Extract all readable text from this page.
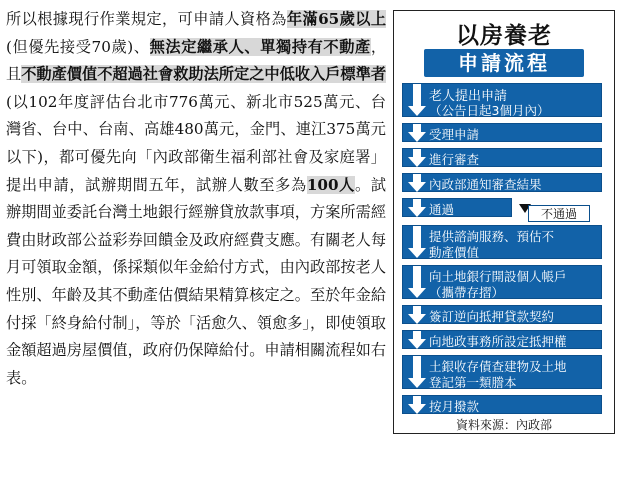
所以根據現行作業規定，可申請人資格為年滿65歲以上(但優先接受70歲)、無法定繼承人、單獨持有不動產，且不動產價值不超過社會救助法所定之中低收入戶標準者(以102年度評估台北市776萬元、新北市525萬元、台灣省、台中、台南、高雄480萬元，金門、連江375萬元以下)，都可優先向「內政部衛生福利部社會及家庭署」提出申請，試辦期間五年，試辦人數至多為100人。試辦期間並委託台灣土地銀行經辦貸放款事項，方案所需經費由財政部公益彩券回饋金及政府經費支應。有關老人每月可領取金額，係採類似年金給付方式，由內政部按老人性別、年齡及其不動產估價結果精算核定之。至於年金給付採「終身給付制」，等於「活愈久、領愈多」，即使領取金額超過房屋價值，政府仍保障給付。申請相關流程如右表。
以房養老
申請流程
老人提出申請
（公告日起3個月內）
受理申請
進行審查
內政部通知審查結果
通過	不通過
提供諮詢服務、預估不
動產價值
向土地銀行開設個人帳戶
（攜帶存摺）
簽訂逆向抵押貸款契約
向地政事務所設定抵押權
土銀收存債查建物及土地
登記第一類謄本
按月撥款
資料來源：內政部
